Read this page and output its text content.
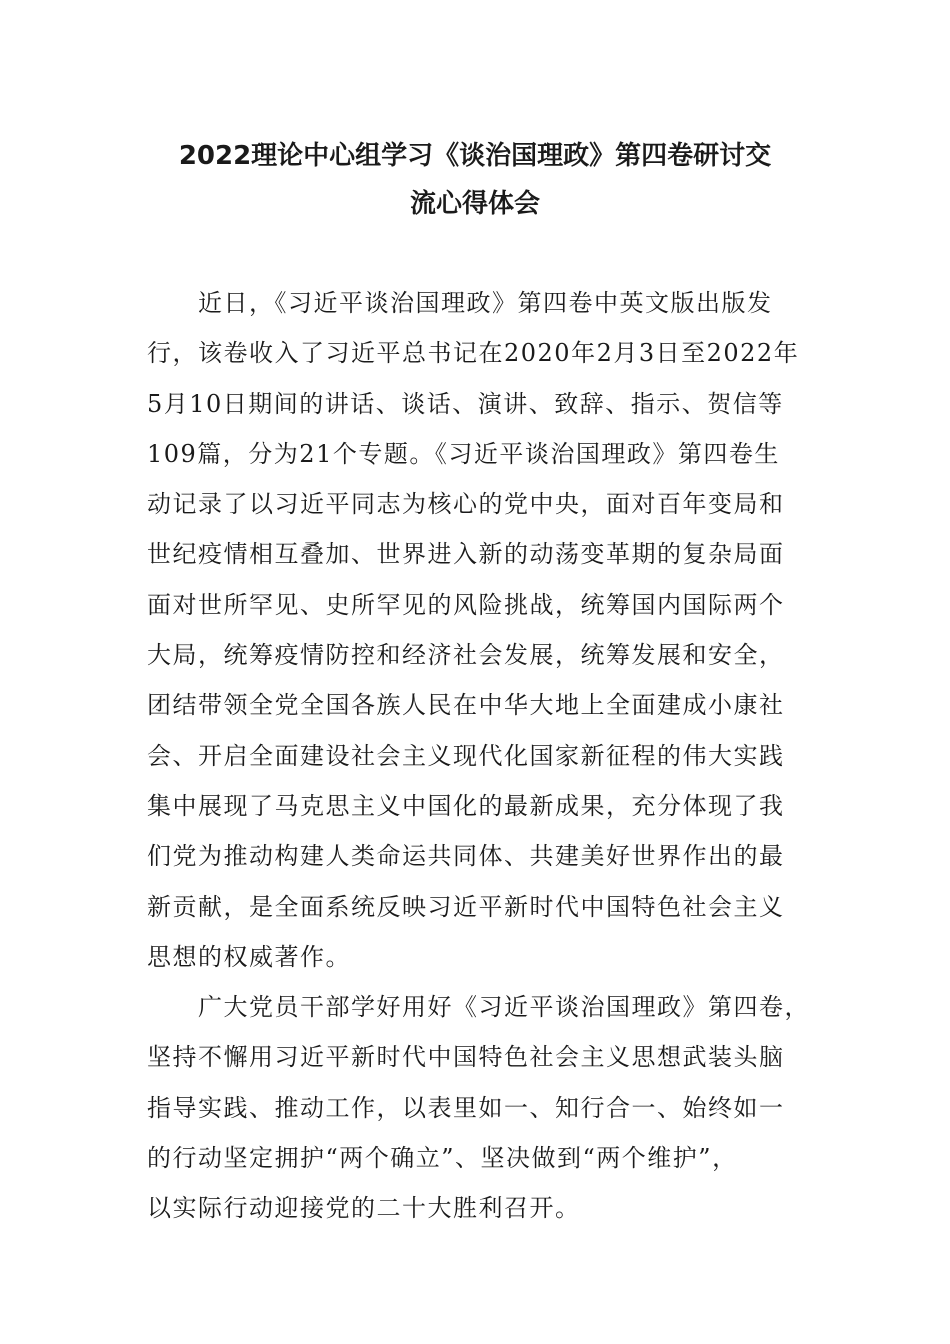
2022理论中心组学习《谈治国理政》第四卷研讨交
流心得体会
　　近日，《习近平谈治国理政》第四卷中英文版出版发
行，该卷收入了习近平总书记在2020年2月3日至2022年
5月10日期间的讲话、谈话、演讲、致辞、指示、贺信等
109篇，分为21个专题。《习近平谈治国理政》第四卷生
动记录了以习近平同志为核心的党中央，面对百年变局和
世纪疫情相互叠加、世界进入新的动荡变革期的复杂局面
面对世所罕见、史所罕见的风险挑战，统筹国内国际两个
大局，统筹疫情防控和经济社会发展，统筹发展和安全，
团结带领全党全国各族人民在中华大地上全面建成小康社
会、开启全面建设社会主义现代化国家新征程的伟大实践
集中展现了马克思主义中国化的最新成果，充分体现了我
们党为推动构建人类命运共同体、共建美好世界作出的最
新贡献，是全面系统反映习近平新时代中国特色社会主义
思想的权威著作。
　　广大党员干部学好用好《习近平谈治国理政》第四卷，
坚持不懈用习近平新时代中国特色社会主义思想武装头脑
指导实践、推动工作，以表里如一、知行合一、始终如一
的行动坚定拥护“两个确立”、坚决做到“两个维护”，
以实际行动迎接党的二十大胜利召开。
